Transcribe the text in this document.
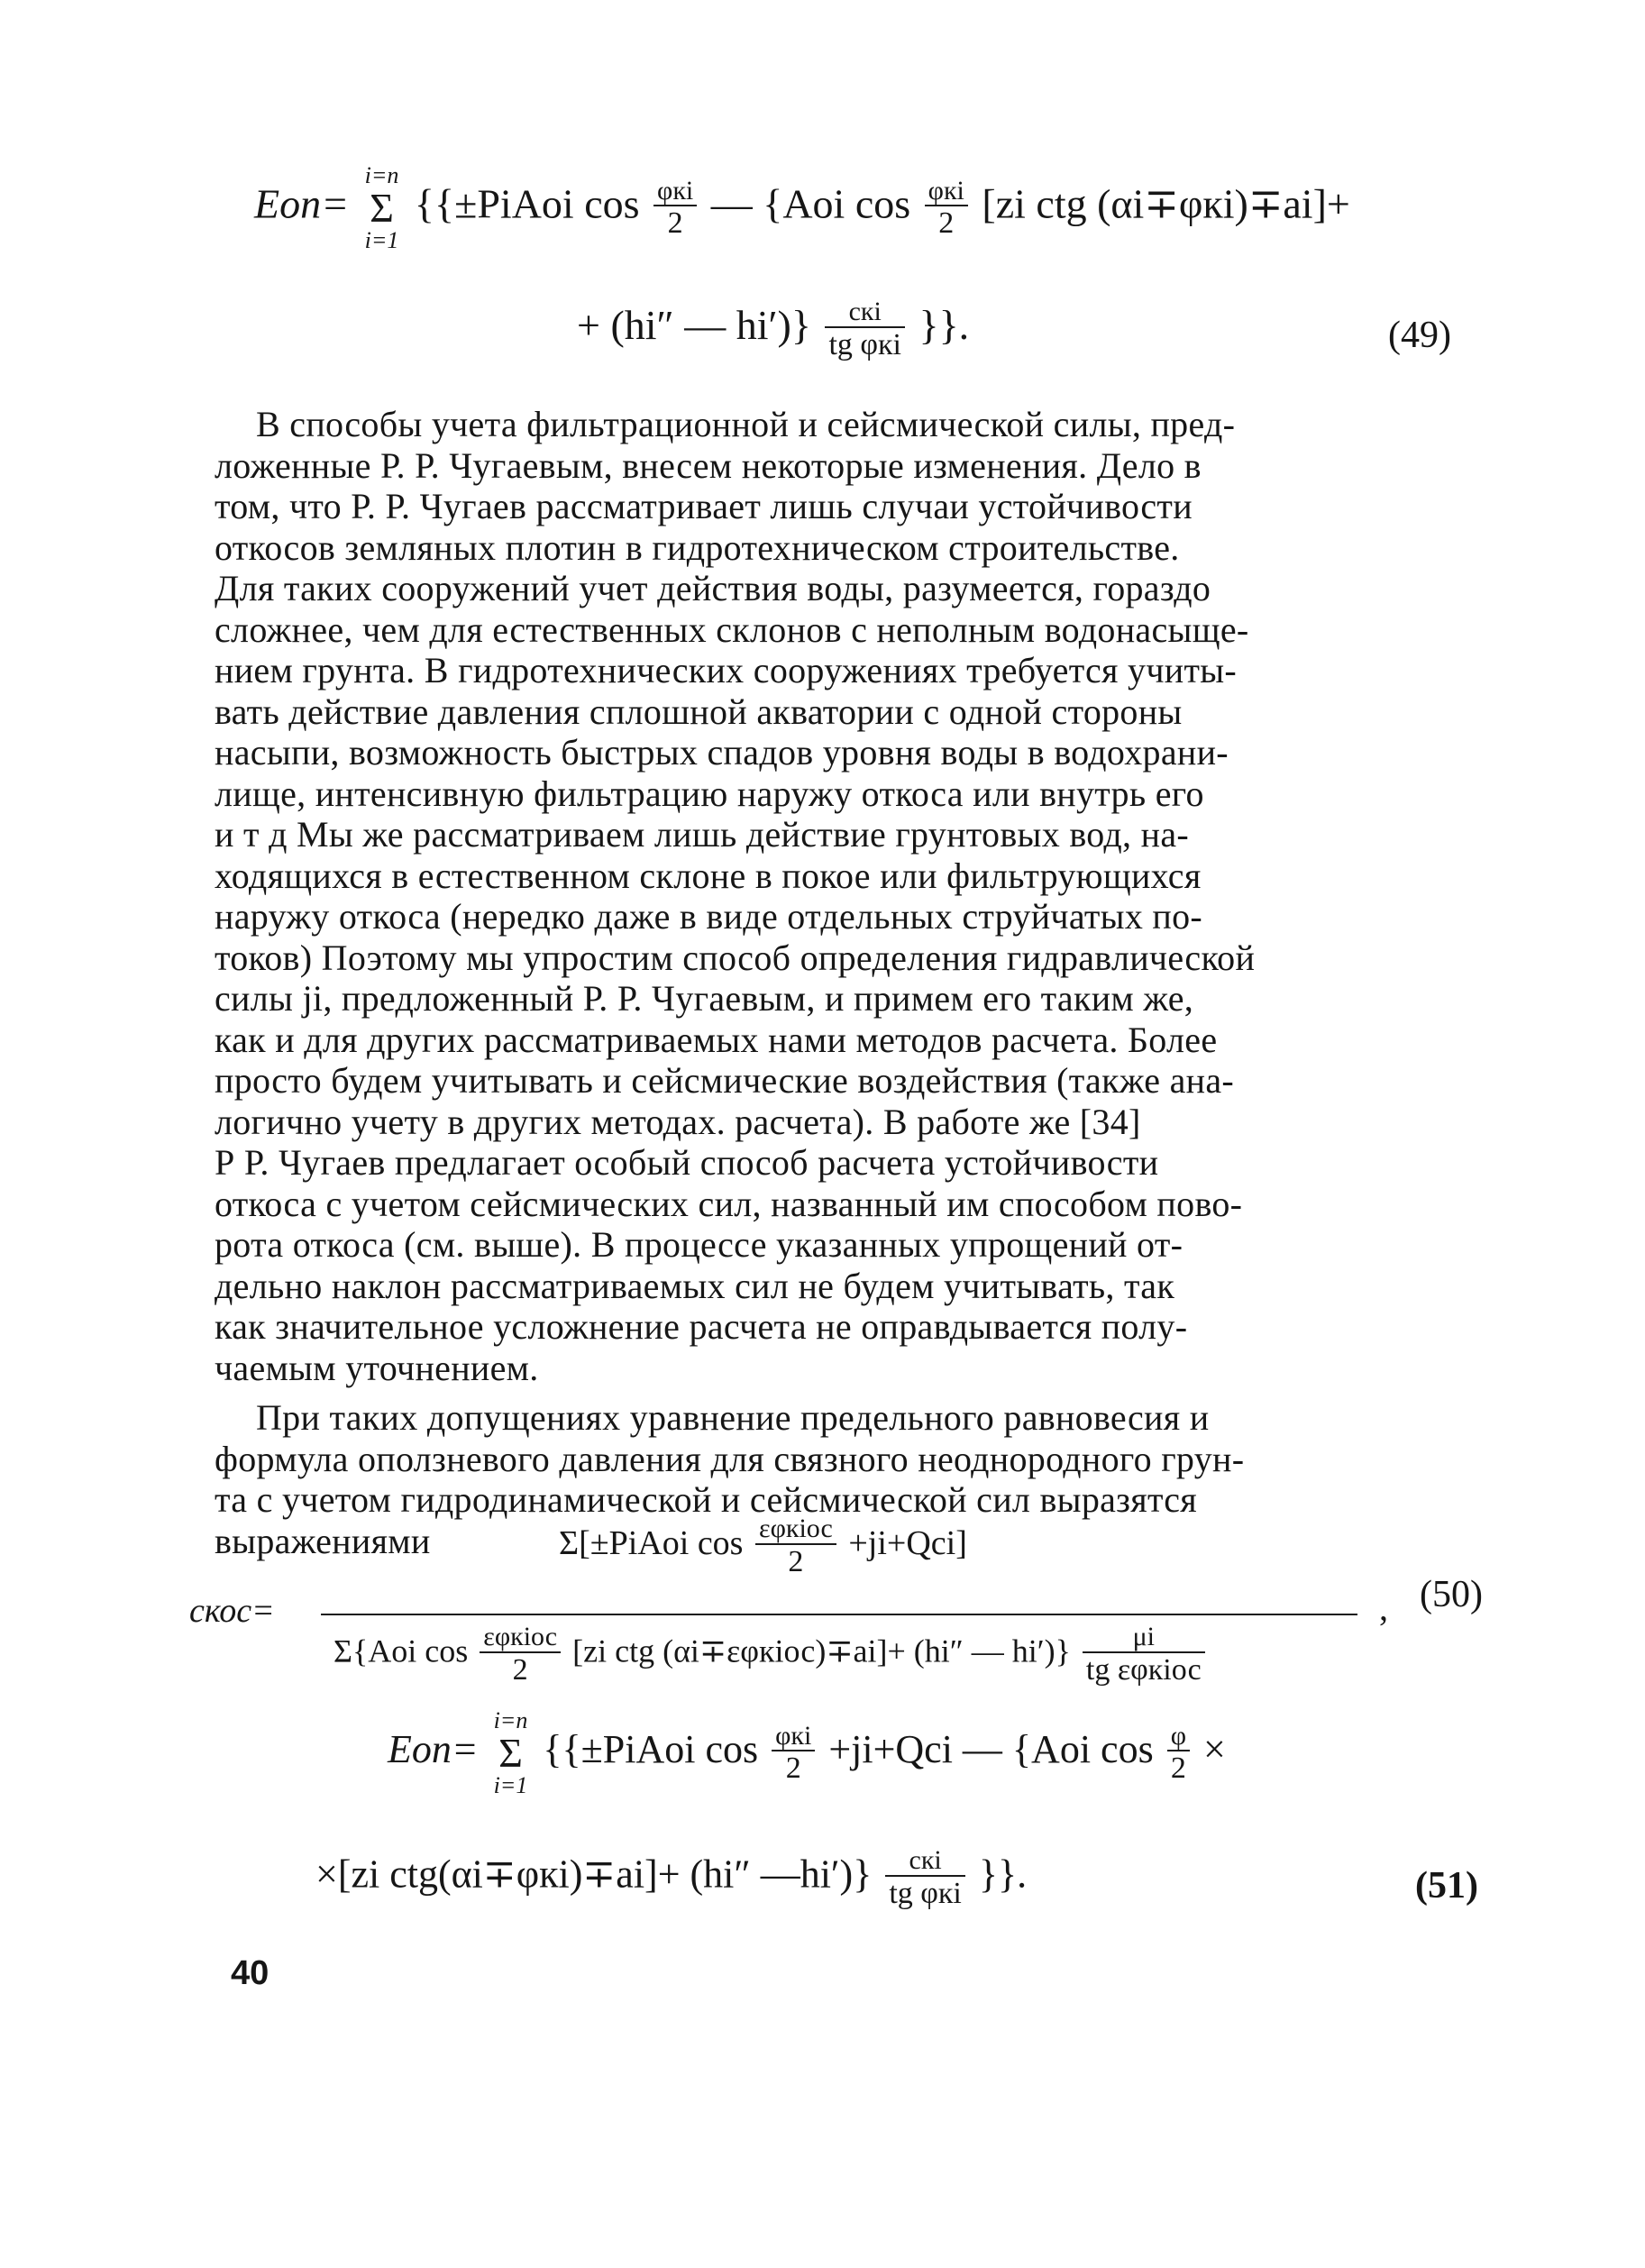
Eоп=
i=n
Σ
i=1
{{±PiAoi $\cos \frac{\text{φкi}}{2}$ — {Aoi $\cos \frac{\text{φкi}}{2} [zi$ ctg (αi∓φкi)∓ai]+
+ (hi″ — $hi')\} \frac{\text{cкi}}{\text{tg φкi}}$ }}.	(49)
В способы учета фильтрационной и сейсмической силы, пред-
ложенные Р. Р. Чугаевым, внесем некоторые изменения. Дело в
том, что Р. Р. Чугаев рассматривает лишь случаи устойчивости
откосов земляных плотин в гидротехническом строительстве.
Для таких сооружений учет действия воды, разумеется, гораздо
сложнее, чем для естественных склонов с неполным водонасыще-
нием грунта. В гидротехнических сооружениях требуется учиты-
вать действие давления сплошной акватории с одной стороны
насыпи, возможность быстрых спадов уровня воды в водохрани-
лище, интенсивную фильтрацию наружу откоса или внутрь его
и т д Мы же рассматриваем лишь действие грунтовых вод, на-
ходящихся в естественном склоне в покое или фильтрующихся
наружу откоса (нередко даже в виде отдельных струйчатых по-
токов) Поэтому мы упростим способ определения гидравлической
силы ji, предложенный Р. Р. Чугаевым, и примем его таким же,
как и для других рассматриваемых нами методов расчета. Более
просто будем учитывать и сейсмические воздействия (также ана-
логично учету в других методах. расчета). В работе же [34]
Р Р. Чугаев предлагает особый способ расчета устойчивости
откоса с учетом сейсмических сил, названный им способом пово-
рота откоса (см. выше). В процессе указанных упрощений от-
дельно наклон рассматриваемых сил не будем учитывать, так
как значительное усложнение расчета не оправдывается полу-
чаемым уточнением.
При таких допущениях уравнение предельного равновесия и
формула оползневого давления для связного неоднородного грун-
та с учетом гидродинамической и сейсмической сил выразятся
выражениями
cкос=
Σ[±PiAoi $\cos \frac{\text{εφкiос}}{2} +ji+Qci$]
Σ{Aoi $\cos \frac{\text{εφкiос}}{2} [zi$ ctg (αi∓εφкiос)∓ai]+ (hi″ — $hi')\} \frac{\mu i}{\text{tg εφкiос}}$
, (50)
Eоп=
i=n
Σ
i=1
{{±PiAoi $\cos \frac{\text{φкi}}{2} +ji+Qci$ — {Aoi $\cos \frac{\varphi}{2}$ ×
×[zi ctg(αi∓φкi)∓ai]+ (hi″ —hi′)} $\frac{\text{cкi}}{\text{tg φкi}}$ }}.	(51)
40
